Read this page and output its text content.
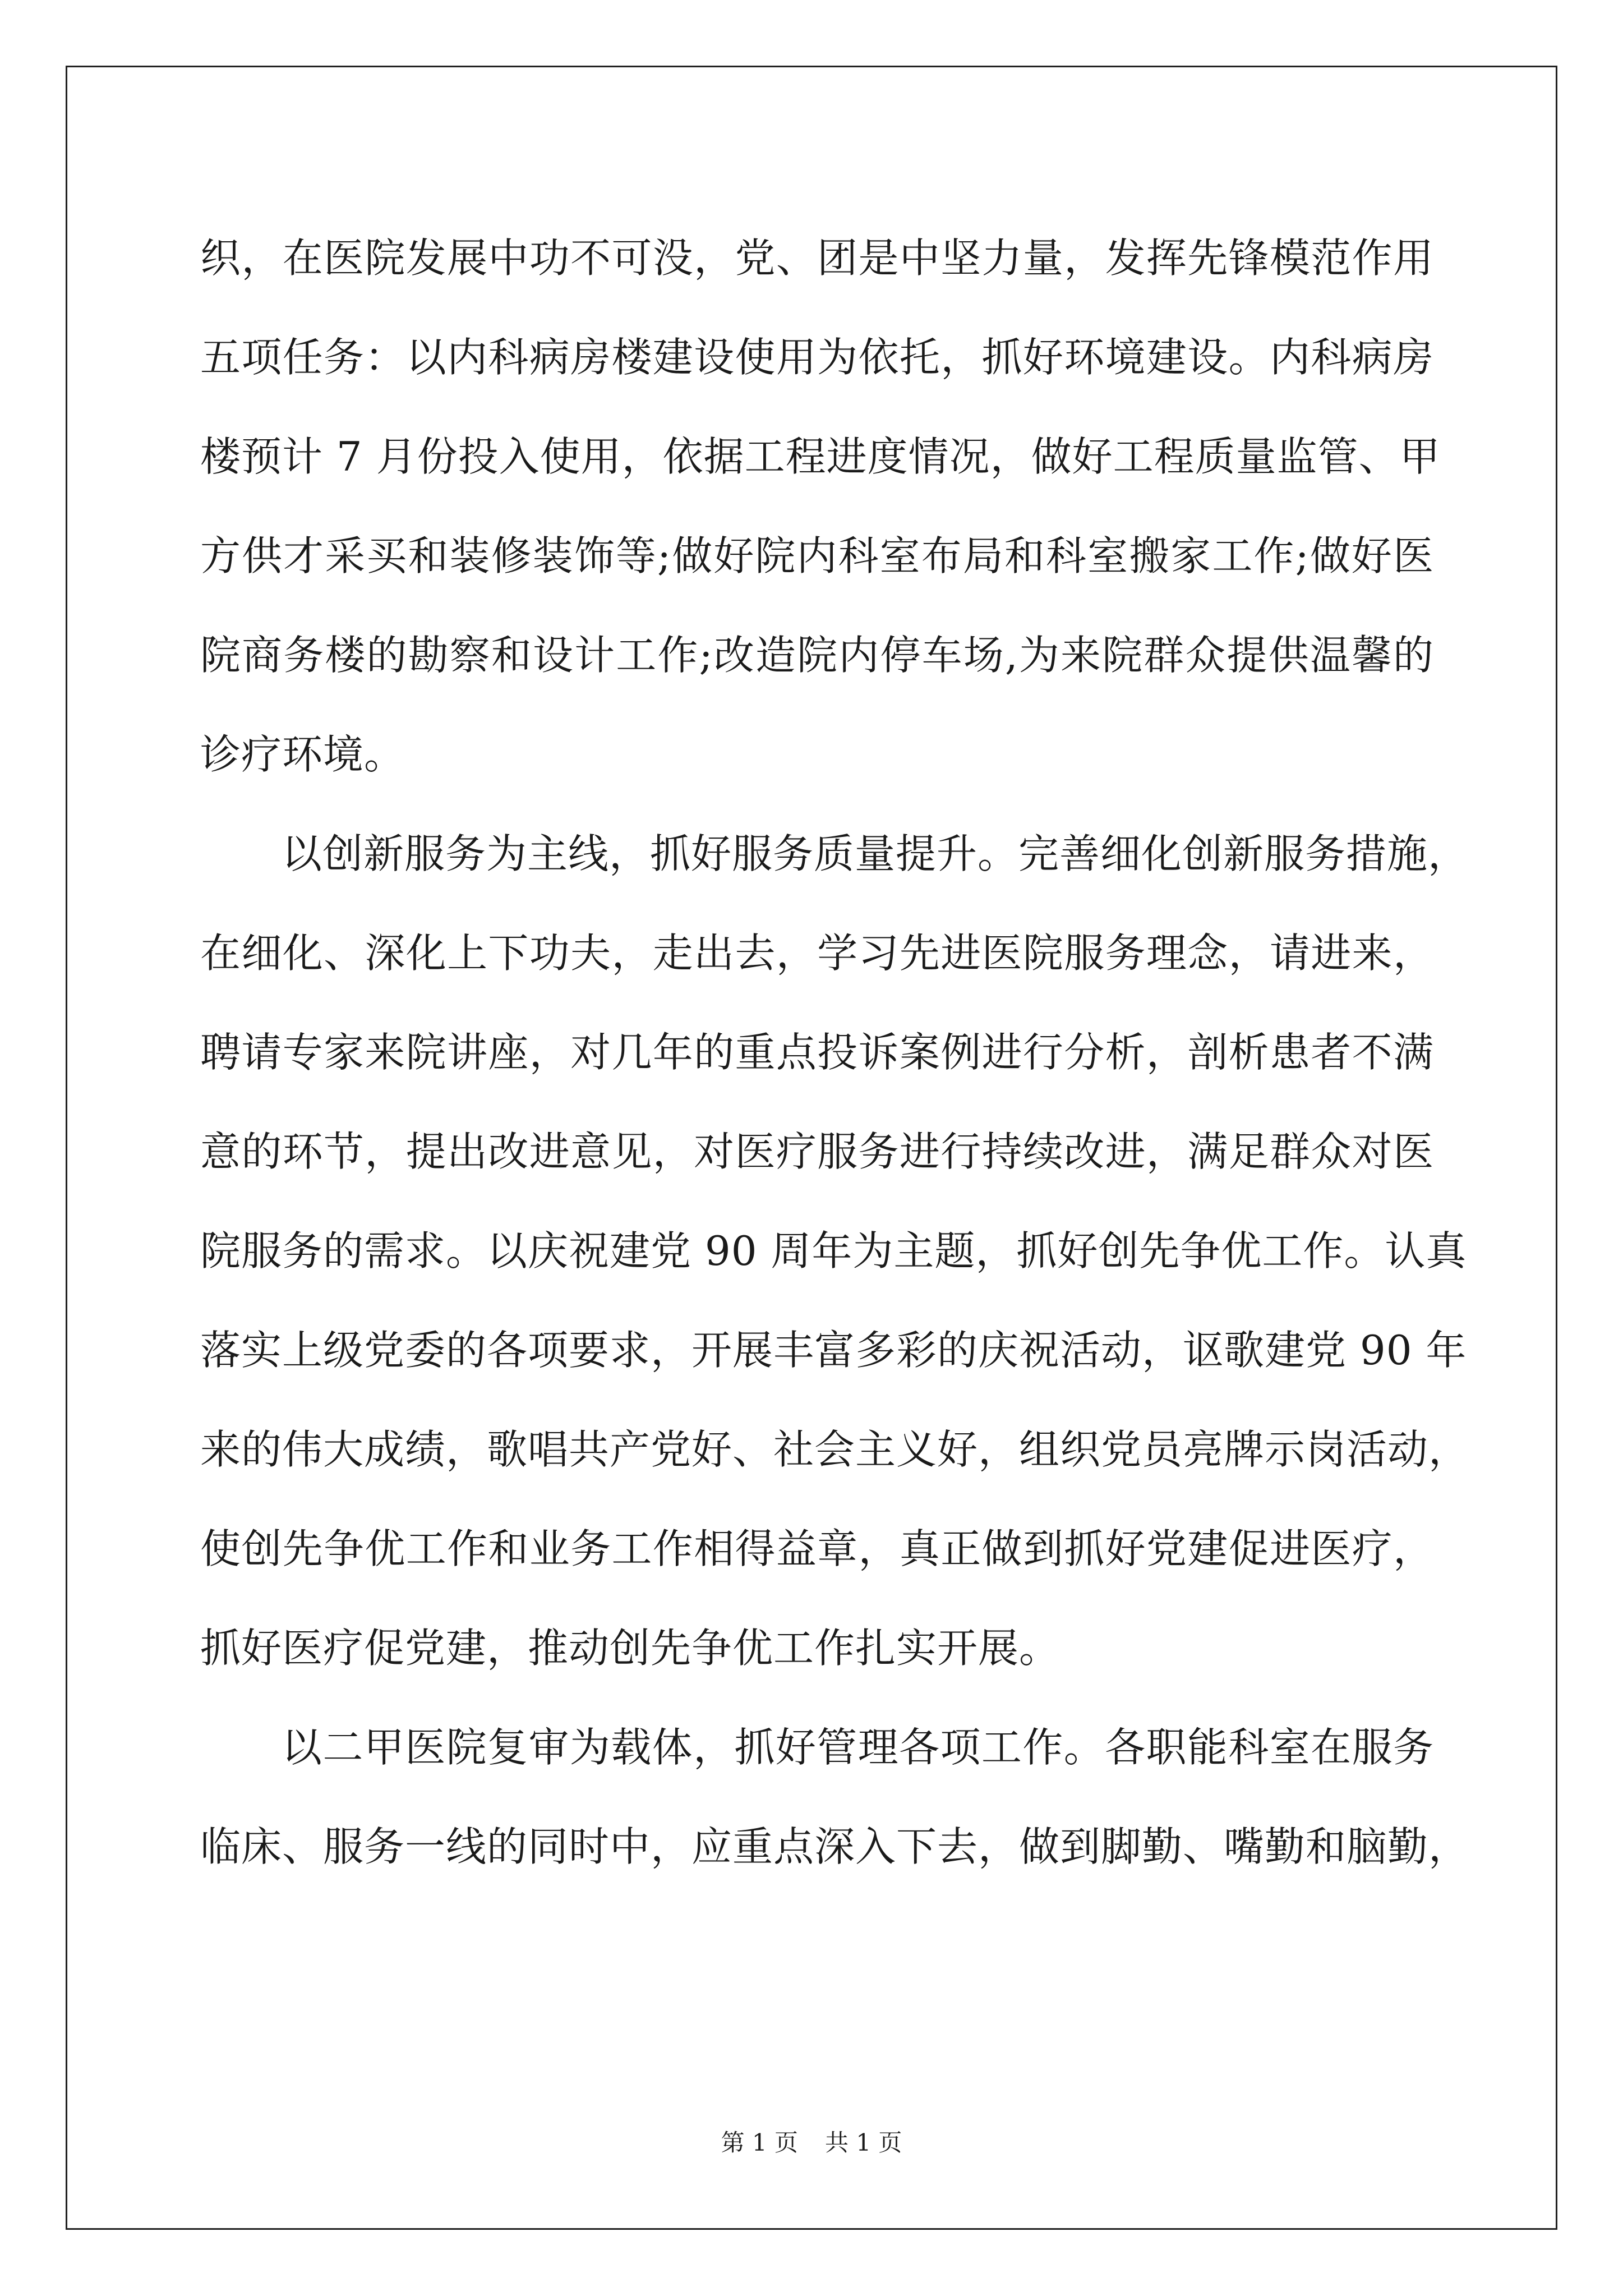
织，在医院发展中功不可没，党、团是中坚力量，发挥先锋模范作用
五项任务：以内科病房楼建设使用为依托，抓好环境建设。内科病房
楼预计 7 月份投入使用，依据工程进度情况，做好工程质量监管、甲
方供才采买和装修装饰等;做好院内科室布局和科室搬家工作;做好医
院商务楼的勘察和设计工作;改造院内停车场,为来院群众提供温馨的
诊疗环境。
以创新服务为主线，抓好服务质量提升。完善细化创新服务措施，
在细化、深化上下功夫，走出去，学习先进医院服务理念，请进来，
聘请专家来院讲座，对几年的重点投诉案例进行分析，剖析患者不满
意的环节，提出改进意见，对医疗服务进行持续改进，满足群众对医
院服务的需求。以庆祝建党 90 周年为主题，抓好创先争优工作。认真
落实上级党委的各项要求，开展丰富多彩的庆祝活动，讴歌建党 90 年
来的伟大成绩，歌唱共产党好、社会主义好，组织党员亮牌示岗活动，
使创先争优工作和业务工作相得益章，真正做到抓好党建促进医疗，
抓好医疗促党建，推动创先争优工作扎实开展。
以二甲医院复审为载体，抓好管理各项工作。各职能科室在服务
临床、服务一线的同时中，应重点深入下去，做到脚勤、嘴勤和脑勤，
第 1 页 共 1 页
